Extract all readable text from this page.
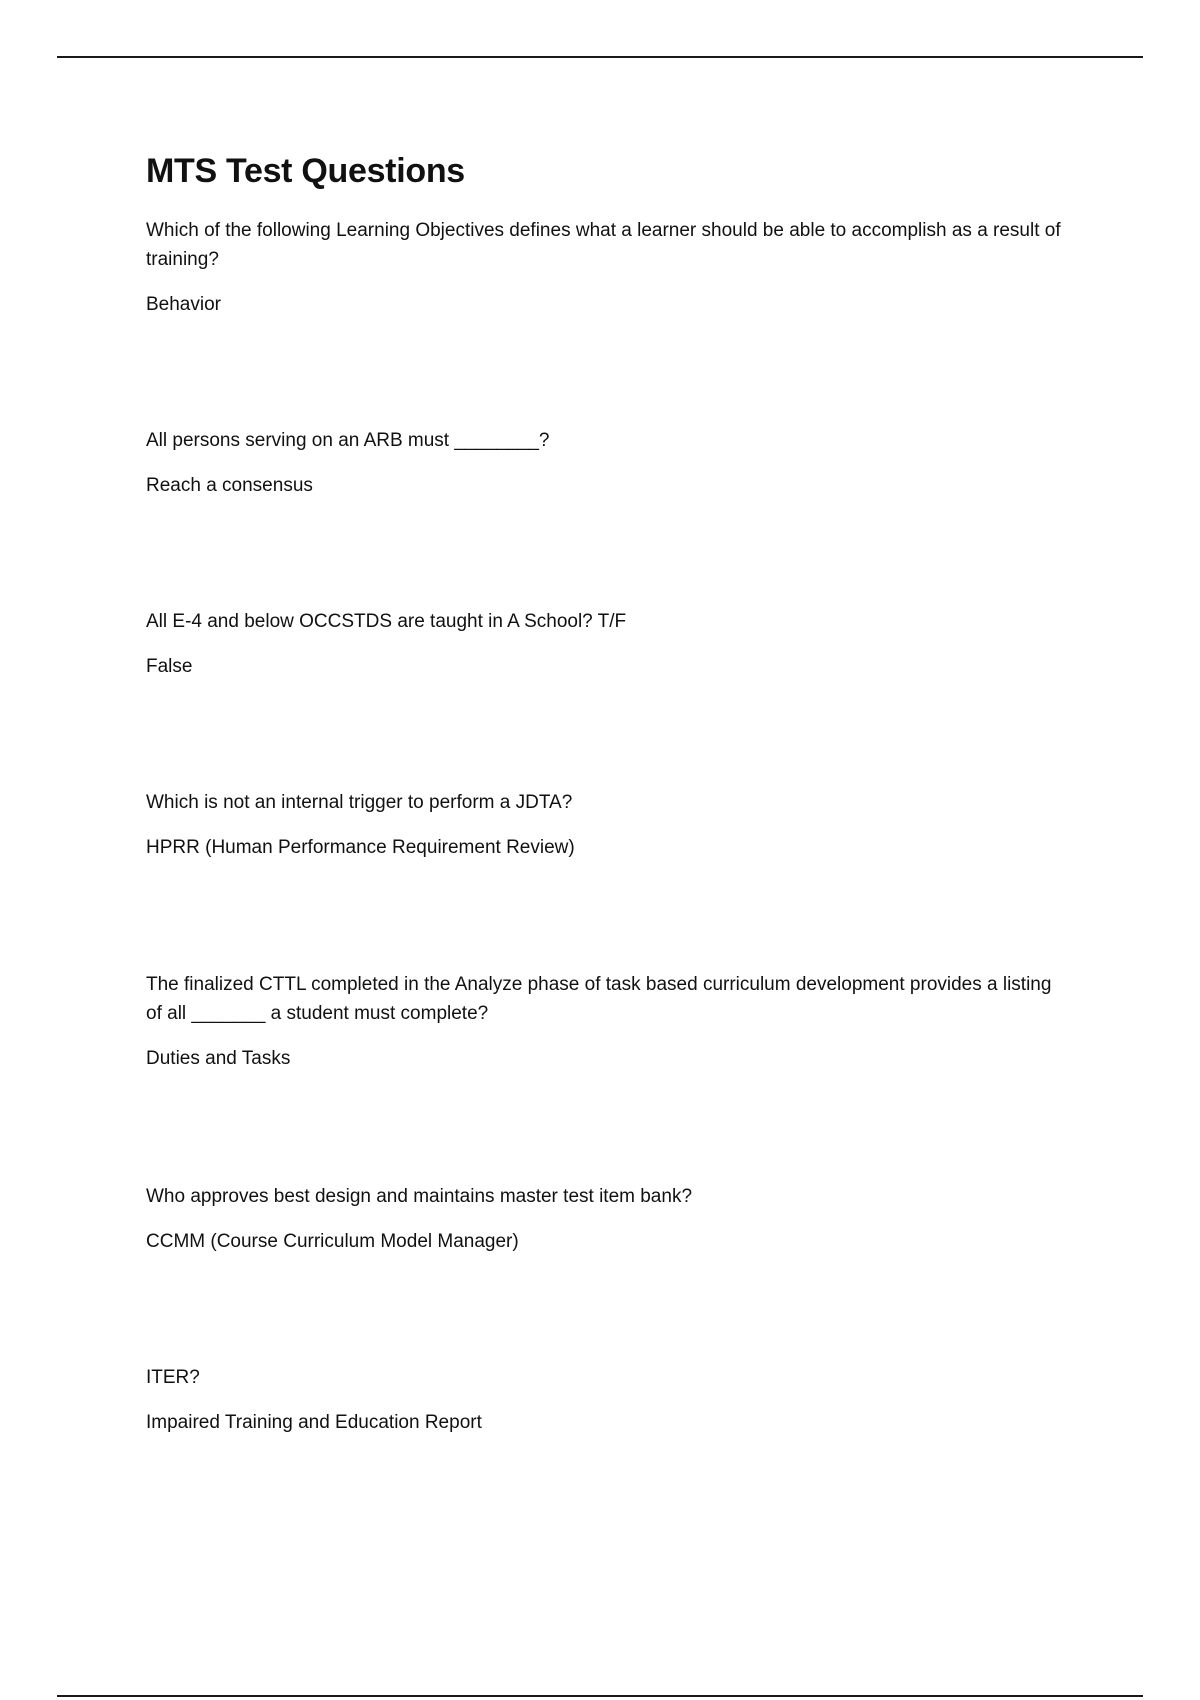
MTS Test Questions

Which of the following Learning Objectives defines what a learner should be able to accomplish as a result of training?

Behavior

All persons serving on an ARB must ________?

Reach a consensus

All E-4 and below OCCSTDS are taught in A School? T/F

False

Which is not an internal trigger to perform a JDTA?

HPRR (Human Performance Requirement Review)

The finalized CTTL completed in the Analyze phase of task based curriculum development provides a listing of all _______ a student must complete?

Duties and Tasks

Who approves best design and maintains master test item bank?

CCMM (Course Curriculum Model Manager)

ITER?

Impaired Training and Education Report
